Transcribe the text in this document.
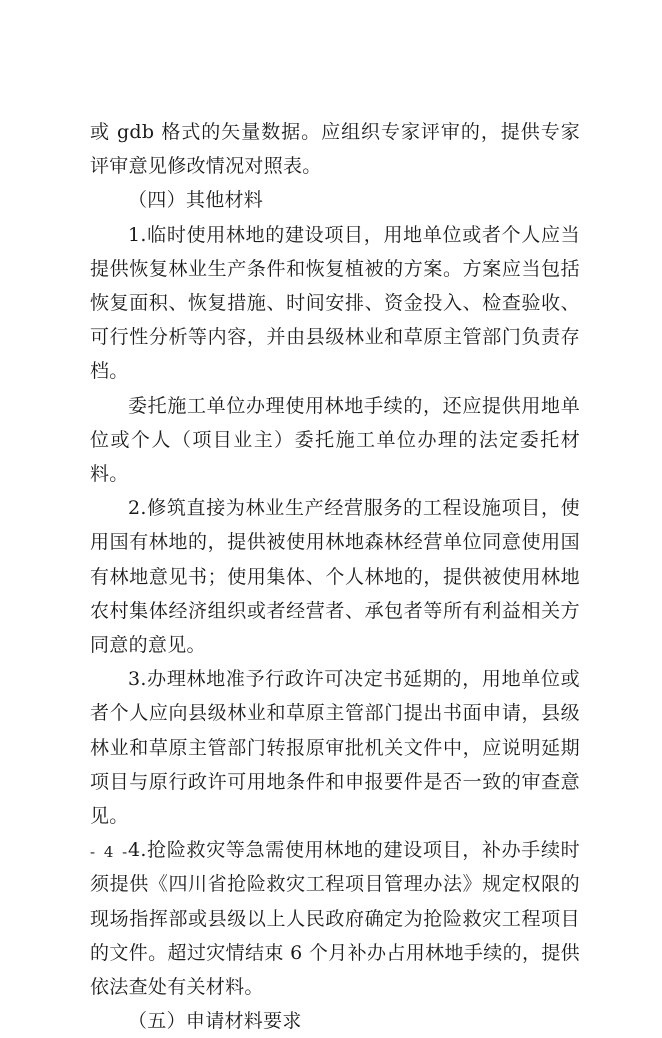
或 gdb 格式的矢量数据。应组织专家评审的，提供专家评审意见修改情况对照表。

（四）其他材料

1.临时使用林地的建设项目，用地单位或者个人应当提供恢复林业生产条件和恢复植被的方案。方案应当包括恢复面积、恢复措施、时间安排、资金投入、检查验收、可行性分析等内容，并由县级林业和草原主管部门负责存档。

委托施工单位办理使用林地手续的，还应提供用地单位或个人（项目业主）委托施工单位办理的法定委托材料。

2.修筑直接为林业生产经营服务的工程设施项目，使用国有林地的，提供被使用林地森林经营单位同意使用国有林地意见书；使用集体、个人林地的，提供被使用林地农村集体经济组织或者经营者、承包者等所有利益相关方同意的意见。

3.办理林地准予行政许可决定书延期的，用地单位或者个人应向县级林业和草原主管部门提出书面申请，县级林业和草原主管部门转报原审批机关文件中，应说明延期项目与原行政许可用地条件和申报要件是否一致的审查意见。

4.抢险救灾等急需使用林地的建设项目，补办手续时须提供《四川省抢险救灾工程项目管理办法》规定权限的现场指挥部或县级以上人民政府确定为抢险救灾工程项目的文件。超过灾情结束 6 个月补办占用林地手续的，提供依法查处有关材料。

（五）申请材料要求

- 4 -
